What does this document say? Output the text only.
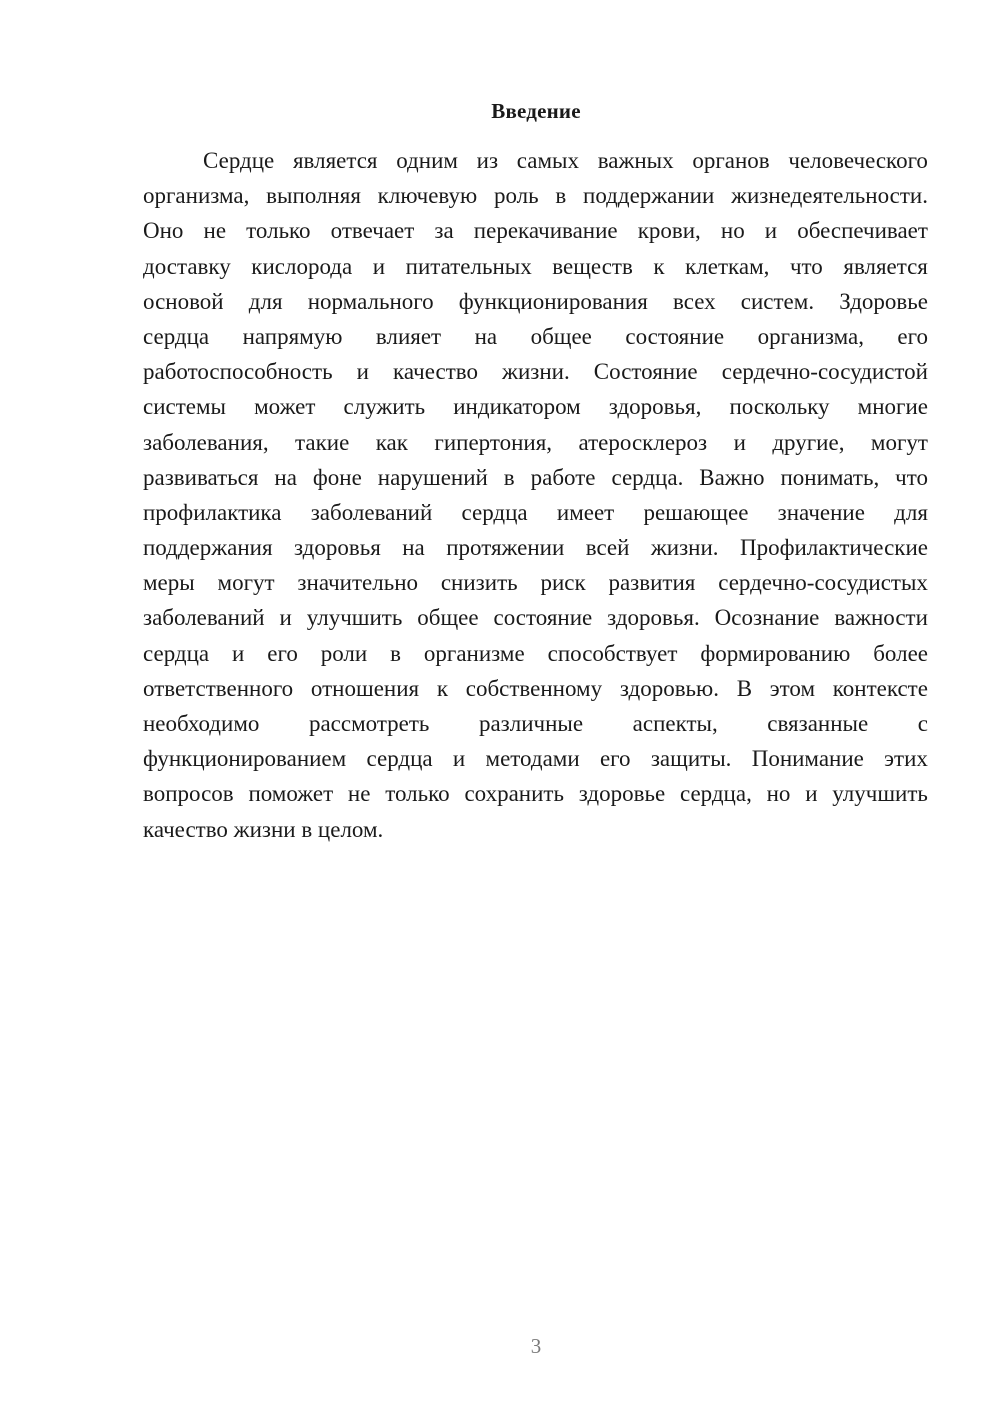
Введение
Сердце является одним из самых важных органов человеческого
организма, выполняя ключевую роль в поддержании жизнедеятельности.
Оно не только отвечает за перекачивание крови, но и обеспечивает
доставку кислорода и питательных веществ к клеткам, что является
основой для нормального функционирования всех систем. Здоровье
сердца напрямую влияет на общее состояние организма, его
работоспособность и качество жизни. Состояние сердечно-сосудистой
системы может служить индикатором здоровья, поскольку многие
заболевания, такие как гипертония, атеросклероз и другие, могут
развиваться на фоне нарушений в работе сердца. Важно понимать, что
профилактика заболеваний сердца имеет решающее значение для
поддержания здоровья на протяжении всей жизни. Профилактические
меры могут значительно снизить риск развития сердечно-сосудистых
заболеваний и улучшить общее состояние здоровья. Осознание важности
сердца и его роли в организме способствует формированию более
ответственного отношения к собственному здоровью. В этом контексте
необходимо рассмотреть различные аспекты, связанные с
функционированием сердца и методами его защиты. Понимание этих
вопросов поможет не только сохранить здоровье сердца, но и улучшить
качество жизни в целом.
3
